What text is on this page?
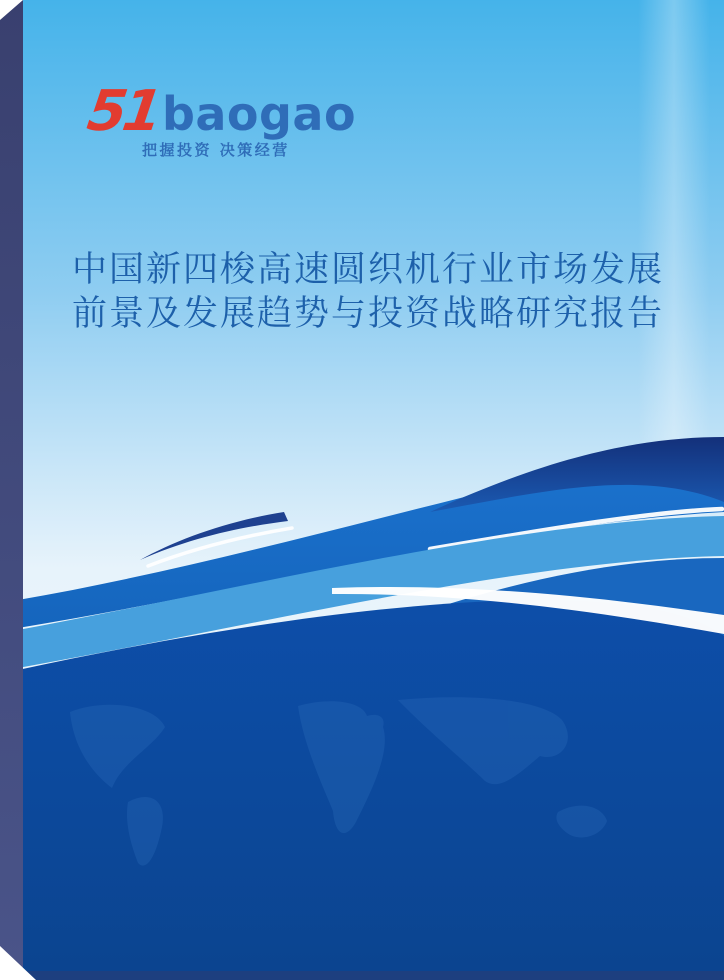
51 baogao
把握投资 决策经营
中国新四梭高速圆织机行业市场发展
前景及发展趋势与投资战略研究报告
